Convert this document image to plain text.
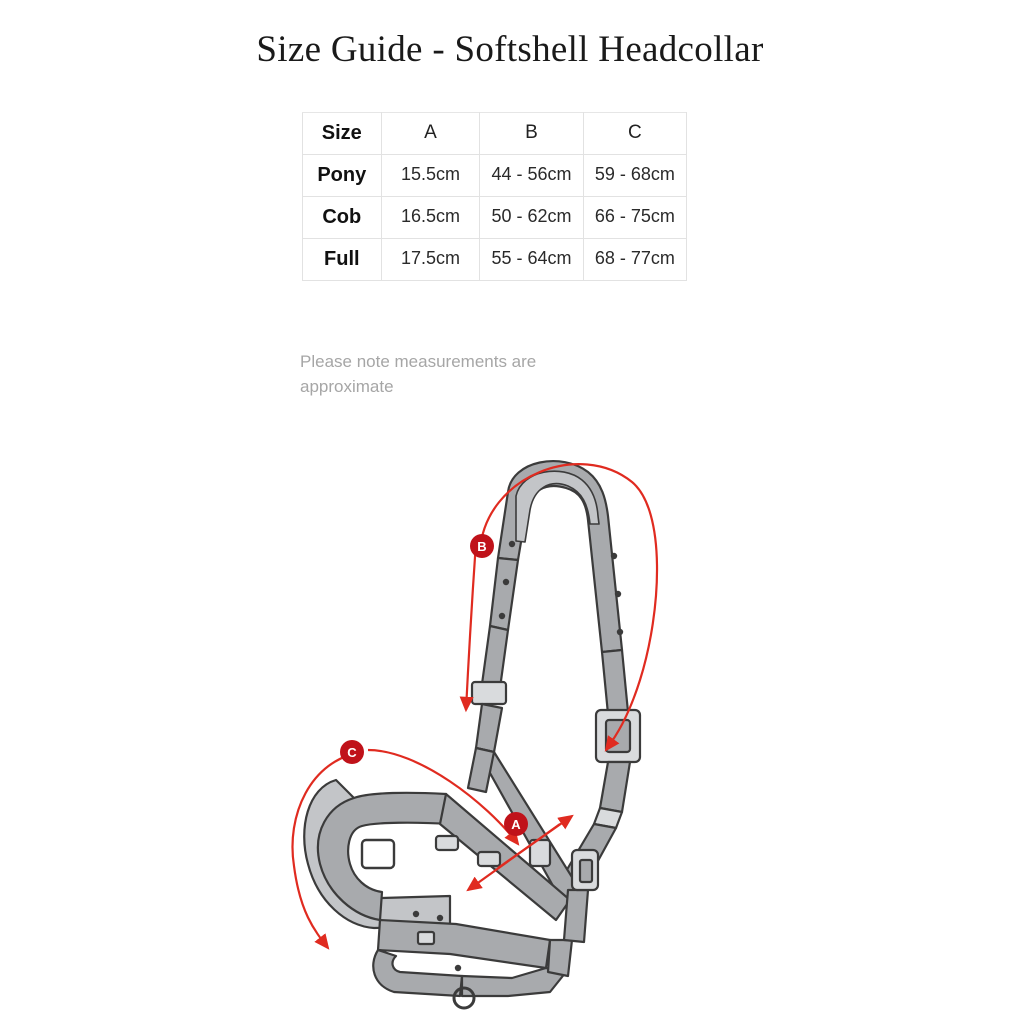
Size Guide - Softshell Headcollar
Size	A	B	C
Pony	15.5cm	44 - 56cm	59 - 68cm
Cob	16.5cm	50 - 62cm	66 - 75cm
Full	17.5cm	55 - 64cm	68 - 77cm
Please note measurements are approximate
B
C
A
